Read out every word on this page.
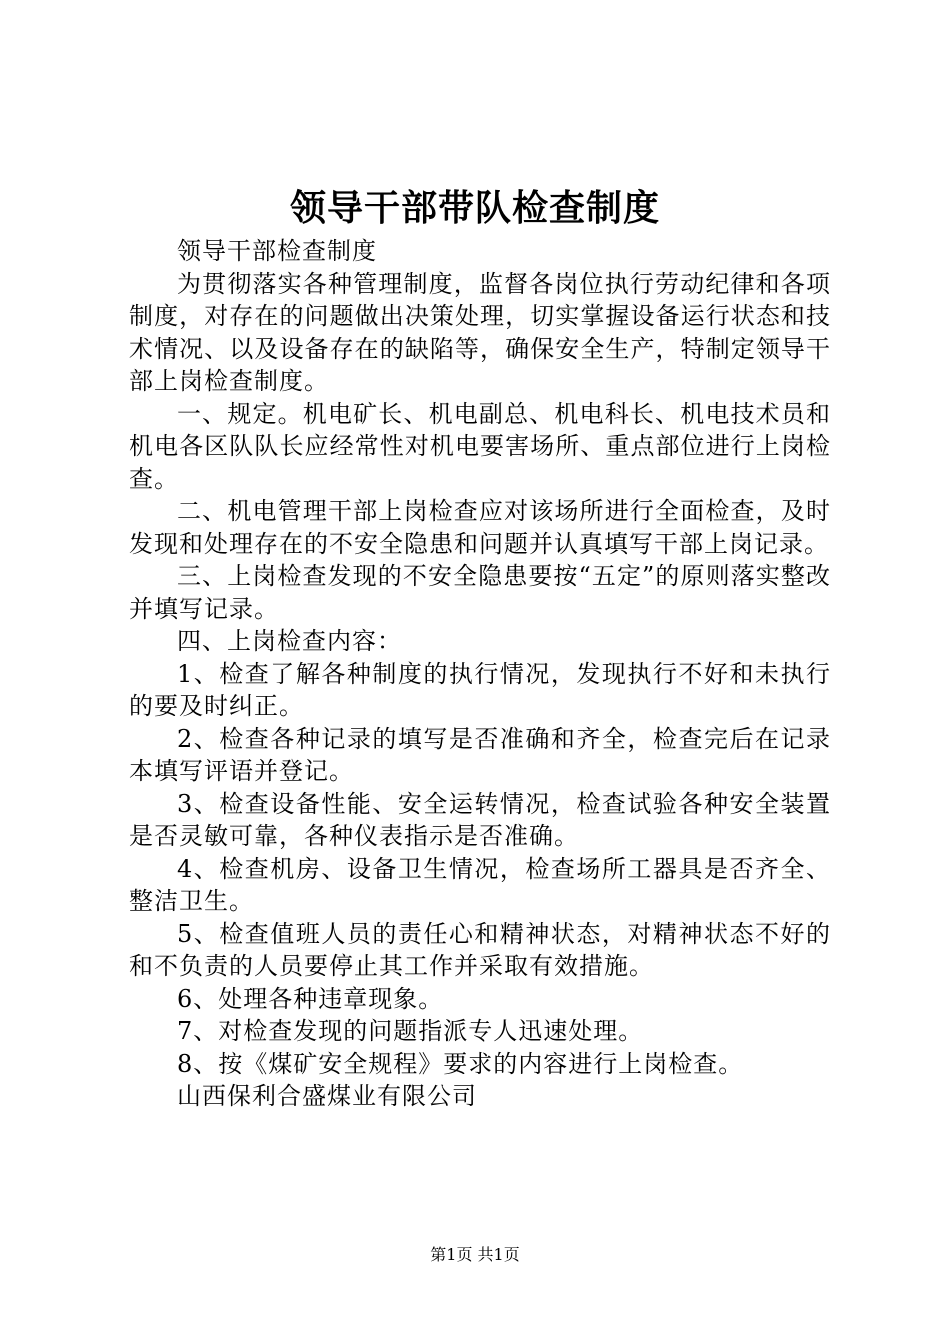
领导干部带队检查制度

领导干部检查制度

为贯彻落实各种管理制度，监督各岗位执行劳动纪律和各项制度，对存在的问题做出决策处理，切实掌握设备运行状态和技术情况、以及设备存在的缺陷等，确保安全生产，特制定领导干部上岗检查制度。

一、规定。机电矿长、机电副总、机电科长、机电技术员和机电各区队队长应经常性对机电要害场所、重点部位进行上岗检查。

二、机电管理干部上岗检查应对该场所进行全面检查，及时发现和处理存在的不安全隐患和问题并认真填写干部上岗记录。

三、上岗检查发现的不安全隐患要按“五定”的原则落实整改并填写记录。

四、上岗检查内容：

1、检查了解各种制度的执行情况，发现执行不好和未执行的要及时纠正。

2、检查各种记录的填写是否准确和齐全，检查完后在记录本填写评语并登记。

3、检查设备性能、安全运转情况，检查试验各种安全装置是否灵敏可靠，各种仪表指示是否准确。

4、检查机房、设备卫生情况，检查场所工器具是否齐全、整洁卫生。

5、检查值班人员的责任心和精神状态，对精神状态不好的和不负责的人员要停止其工作并采取有效措施。

6、处理各种违章现象。

7、对检查发现的问题指派专人迅速处理。

8、按《煤矿安全规程》要求的内容进行上岗检查。

山西保利合盛煤业有限公司

第1页 共1页
